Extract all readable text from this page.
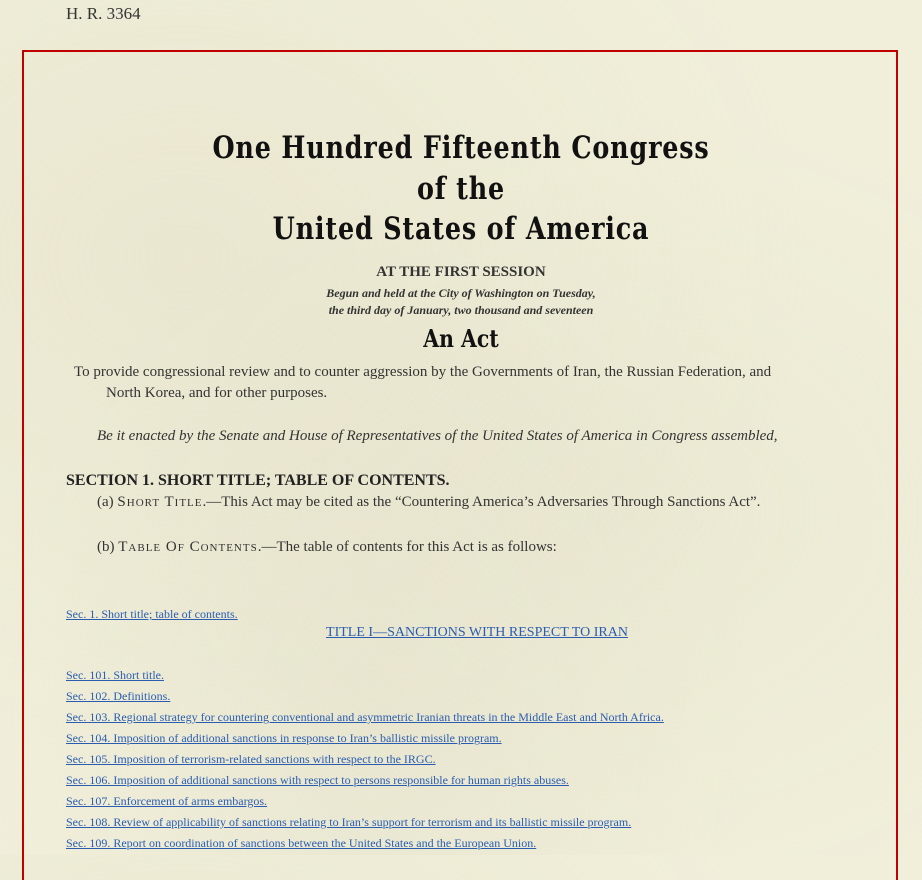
H. R. 3364
One Hundred Fifteenth Congress
of the
United States of America
AT THE FIRST SESSION
Begun and held at the City of Washington on Tuesday,
the third day of January, two thousand and seventeen
An Act
To provide congressional review and to counter aggression by the Governments of Iran, the Russian Federation, and
North Korea, and for other purposes.
Be it enacted by the Senate and House of Representatives of the United States of America in Congress assembled,
SECTION 1. SHORT TITLE; TABLE OF CONTENTS.
(a) Short Title.—This Act may be cited as the “Countering America’s Adversaries Through Sanctions Act”.
(b) Table Of Contents.—The table of contents for this Act is as follows:
Sec. 1. Short title; table of contents.
TITLE I—SANCTIONS WITH RESPECT TO IRAN
Sec. 101. Short title.
Sec. 102. Definitions.
Sec. 103. Regional strategy for countering conventional and asymmetric Iranian threats in the Middle East and North Africa.
Sec. 104. Imposition of additional sanctions in response to Iran’s ballistic missile program.
Sec. 105. Imposition of terrorism-related sanctions with respect to the IRGC.
Sec. 106. Imposition of additional sanctions with respect to persons responsible for human rights abuses.
Sec. 107. Enforcement of arms embargos.
Sec. 108. Review of applicability of sanctions relating to Iran’s support for terrorism and its ballistic missile program.
Sec. 109. Report on coordination of sanctions between the United States and the European Union.
